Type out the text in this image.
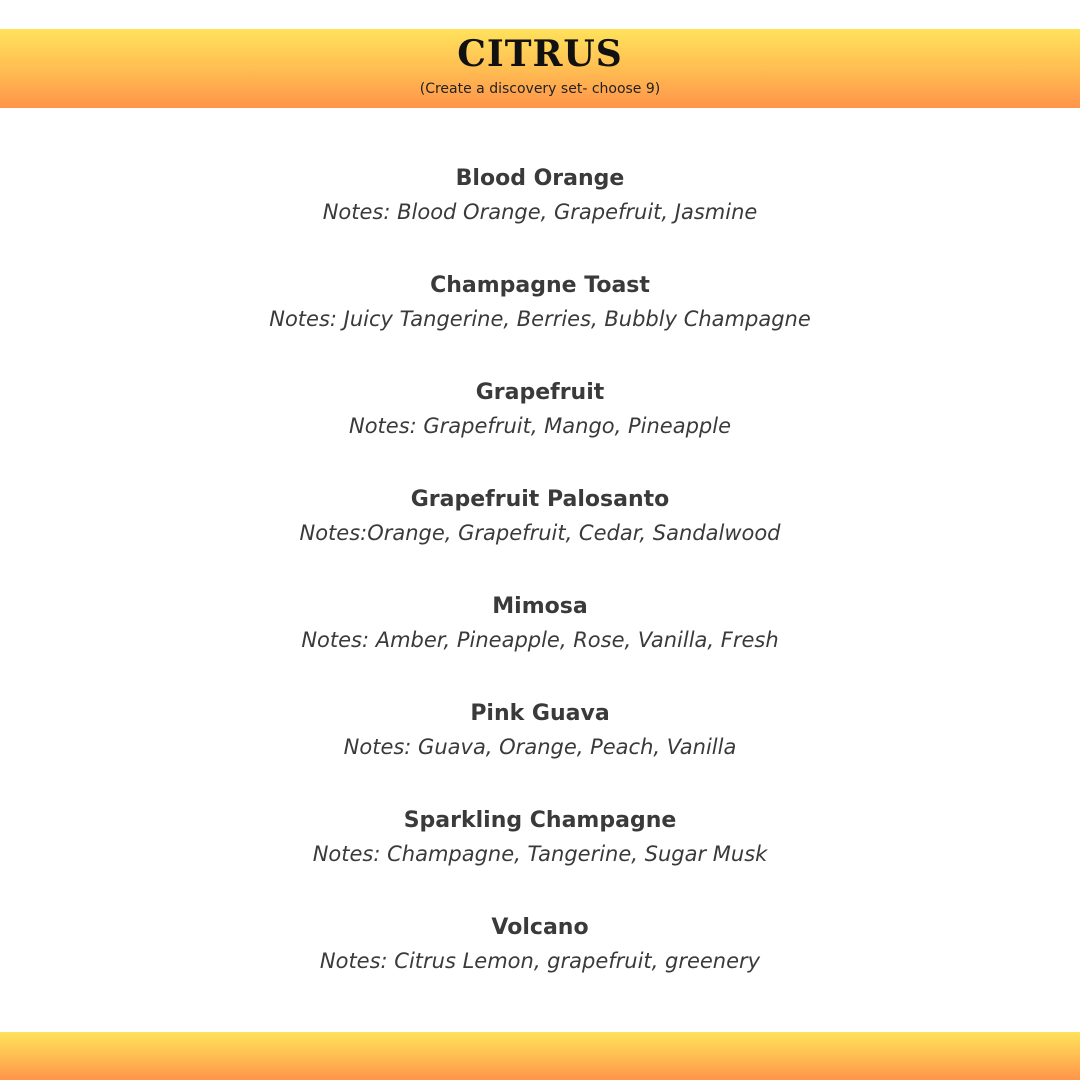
CITRUS
(Create a discovery set- choose 9)
Blood Orange
Notes: Blood Orange, Grapefruit, Jasmine
Champagne Toast
Notes: Juicy Tangerine, Berries, Bubbly Champagne
Grapefruit
Notes: Grapefruit, Mango, Pineapple
Grapefruit Palosanto
Notes:Orange, Grapefruit, Cedar, Sandalwood
Mimosa
Notes: Amber, Pineapple, Rose, Vanilla, Fresh
Pink Guava
Notes: Guava, Orange, Peach, Vanilla
Sparkling Champagne
Notes: Champagne, Tangerine, Sugar Musk
Volcano
Notes: Citrus Lemon, grapefruit, greenery
